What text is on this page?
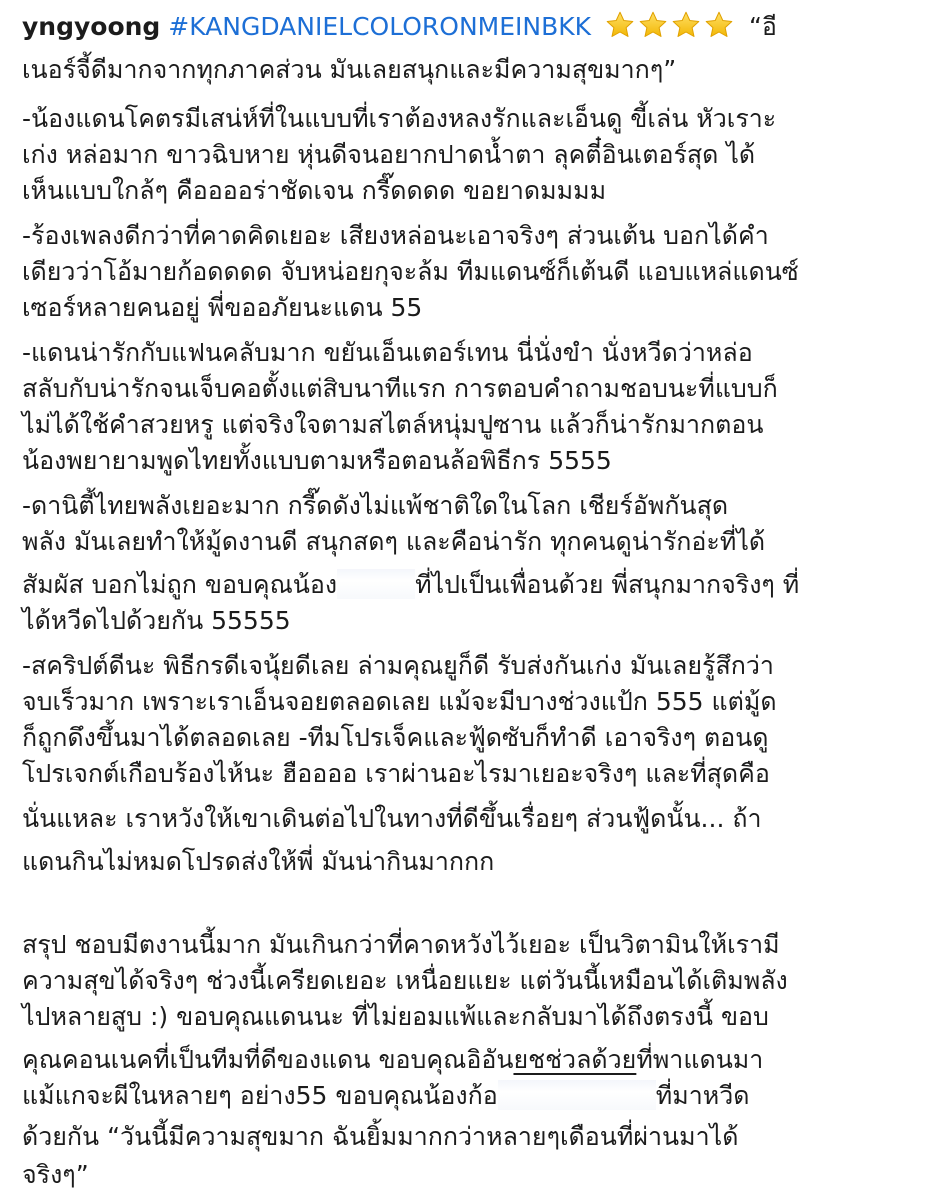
yngyoong #KANGDANIELCOLORONMEINBKK	“อี
เนอร์จี้ดีมากจากทุกภาคส่วน มันเลยสนุกและมีความสุขมากๆ”
-น้องแดนโคตรมีเสน่ห์ที่ในแบบที่เราต้องหลงรักและเอ็นดู ขี้เล่น หัวเราะ
เก่ง หล่อมาก ขาวฉิบหาย หุ่นดีจนอยากปาดน้ำตา ลุคตี๋อินเตอร์สุด ได้
เห็นแบบใกล้ๆ คืออออร่าชัดเจน กรี๊ดดดด ขอยาดมมมม
-ร้องเพลงดีกว่าที่คาดคิดเยอะ เสียงหล่อนะเอาจริงๆ ส่วนเต้น บอกได้คำ
เดียวว่าโอ้มายก้อดดดด จับหน่อยกุจะล้ม ทีมแดนซ์ก็เต้นดี แอบแหล่แดนซ์
เซอร์หลายคนอยู่ พี่ขออภัยนะแดน 55
-แดนน่ารักกับแฟนคลับมาก ขยันเอ็นเตอร์เทน นี่นั่งขำ นั่งหวีดว่าหล่อ
สลับกับน่ารักจนเจ็บคอตั้งแต่สิบนาทีแรก การตอบคำถามชอบนะที่แบบก็
ไม่ได้ใช้คำสวยหรู แต่จริงใจตามสไตล์หนุ่มปูซาน แล้วก็น่ารักมากตอน
น้องพยายามพูดไทยทั้งแบบตามหรือตอนล้อพิธีกร 5555
-ดานิตี้ไทยพลังเยอะมาก กรี๊ดดังไม่แพ้ชาติใดในโลก เชียร์อัพกันสุด
พลัง มันเลยทำให้มู้ดงานดี สนุกสดๆ และคือน่ารัก ทุกคนดูน่ารักอ่ะที่ได้
สัมผัส บอกไม่ถูก ขอบคุณน้อง	ที่ไปเป็นเพื่อนด้วย พี่สนุกมากจริงๆ ที่
ได้หวีดไปด้วยกัน 55555
-สคริปต์ดีนะ พิธีกรดีเจนุ้ยดีเลย ล่ามคุณยูก็ดี รับส่งกันเก่ง มันเลยรู้สึกว่า
จบเร็วมาก เพราะเราเอ็นจอยตลอดเลย แม้จะมีบางช่วงแป้ก 555 แต่มู้ด
ก็ถูกดึงขึ้นมาได้ตลอดเลย -ทีมโปรเจ็คและฟู้ดซับก็ทำดี เอาจริงๆ ตอนดู
โปรเจกต์เกือบร้องไห้นะ ฮืออออ เราผ่านอะไรมาเยอะจริงๆ และที่สุดคือ
นั่นแหละ เราหวังให้เขาเดินต่อไปในทางที่ดีขึ้นเรื่อยๆ ส่วนฟู้ดนั้น... ถ้า
แดนกินไม่หมดโปรดส่งให้พี่ มันน่ากินมากกก
สรุป ชอบมีตงานนี้มาก มันเกินกว่าที่คาดหวังไว้เยอะ เป็นวิตามินให้เรามี
ความสุขได้จริงๆ ช่วงนี้เครียดเยอะ เหนื่อยแยะ แต่วันนี้เหมือนได้เติมพลัง
ไปหลายสูบ :) ขอบคุณแดนนะ ที่ไม่ยอมแพ้และกลับมาได้ถึงตรงนี้ ขอบ
คุณคอนเนคที่เป็นทีมที่ดีของแดน ขอบคุณอิอันยชช่วลด้วยที่พาแดนมา
แม้แกจะผีในหลายๆ อย่าง55 ขอบคุณน้องก้อ	ที่มาหวีด
ด้วยกัน “วันนี้มีความสุขมาก ฉันยิ้มมากกว่าหลายๆเดือนที่ผ่านมาได้
จริงๆ”
